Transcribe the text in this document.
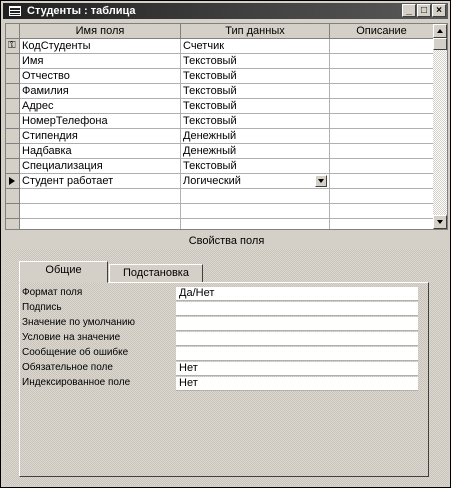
Студенты : таблица	_ □ ×
Имя поля	Тип данных	Описание
⚿ КодСтуденты	Счетчик
Имя	Текстовый
Отчество	Текстовый
Фамилия	Текстовый
Адрес	Текстовый
НомерТелефона	Текстовый
Стипендия	Денежный
Надбавка	Денежный
Специализация	Текстовый
Студент работает	Логический
Свойства поля
Общие	Подстановка
Формат поля	Да/Нет
Подпись
Значение по умолчанию
Условие на значение
Сообщение об ошибке
Обязательное поле	Нет
Индексированное поле	Нет
